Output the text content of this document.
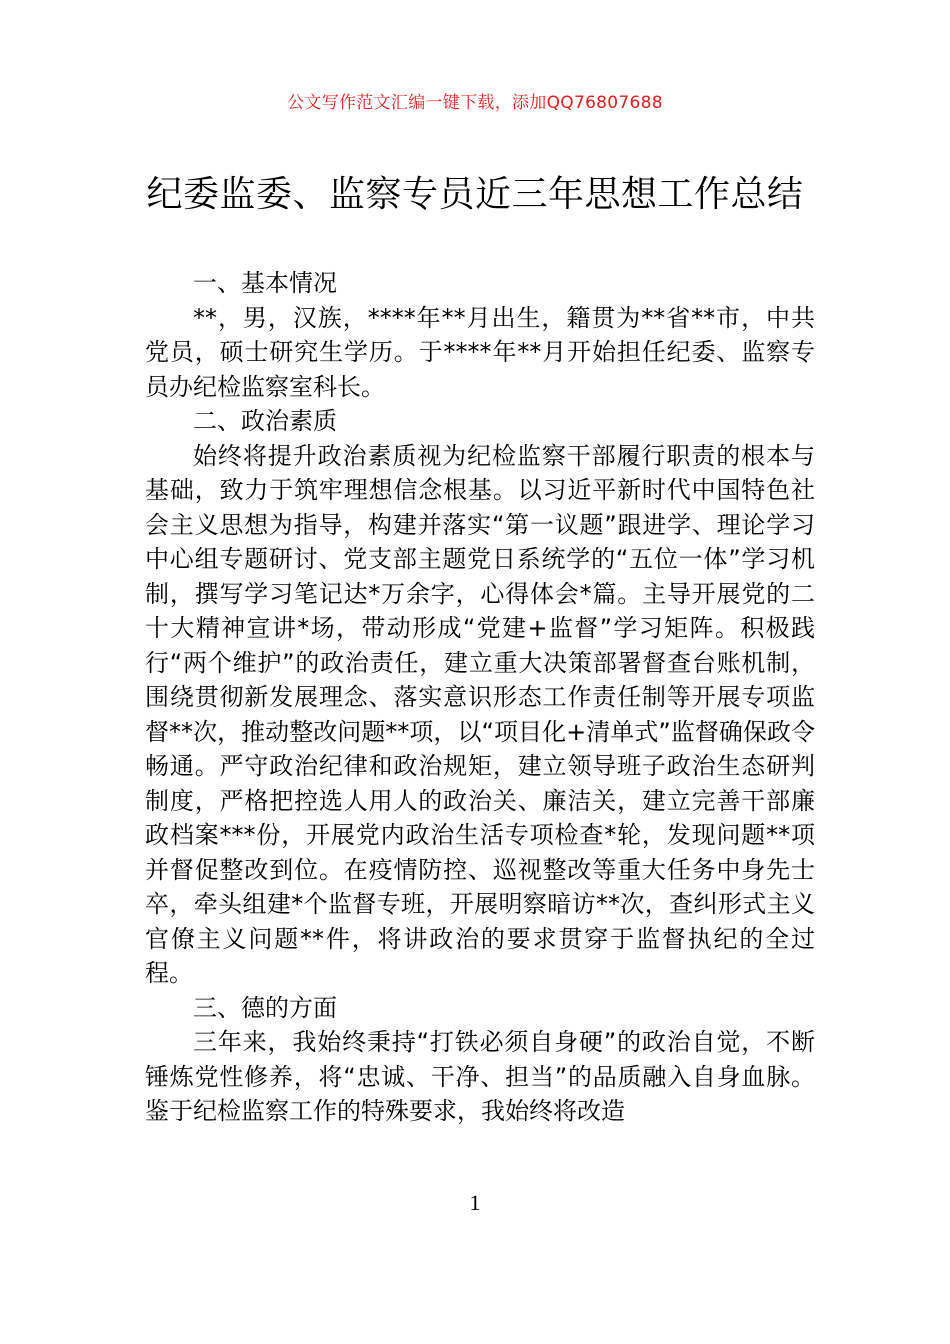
公文写作范文汇编一键下载，添加QQ76807688
纪委监委、监察专员近三年思想工作总结

一、基本情况

**，男，汉族，****年**月出生，籍贯为**省**市，中共党员，硕士研究生学历。于****年**月开始担任纪委、监察专员办纪检监察室科长。

二、政治素质

始终将提升政治素质视为纪检监察干部履行职责的根本与基础，致力于筑牢理想信念根基。以习近平新时代中国特色社会主义思想为指导，构建并落实“第一议题”跟进学、理论学习中心组专题研讨、党支部主题党日系统学的“五位一体”学习机制，撰写学习笔记达*万余字，心得体会*篇。主导开展党的二十大精神宣讲*场，带动形成“党建+监督”学习矩阵。积极践行“两个维护”的政治责任，建立重大决策部署督查台账机制，围绕贯彻新发展理念、落实意识形态工作责任制等开展专项监督**次，推动整改问题**项，以“项目化+清单式”监督确保政令畅通。严守政治纪律和政治规矩，建立领导班子政治生态研判制度，严格把控选人用人的政治关、廉洁关，建立完善干部廉政档案***份，开展党内政治生活专项检查*轮，发现问题**项并督促整改到位。在疫情防控、巡视整改等重大任务中身先士卒，牵头组建*个监督专班，开展明察暗访**次，查纠形式主义官僚主义问题**件，将讲政治的要求贯穿于监督执纪的全过程。

三、德的方面

三年来，我始终秉持“打铁必须自身硬”的政治自觉，不断锤炼党性修养，将“忠诚、干净、担当”的品质融入自身血脉。鉴于纪检监察工作的特殊要求，我始终将改造

1
